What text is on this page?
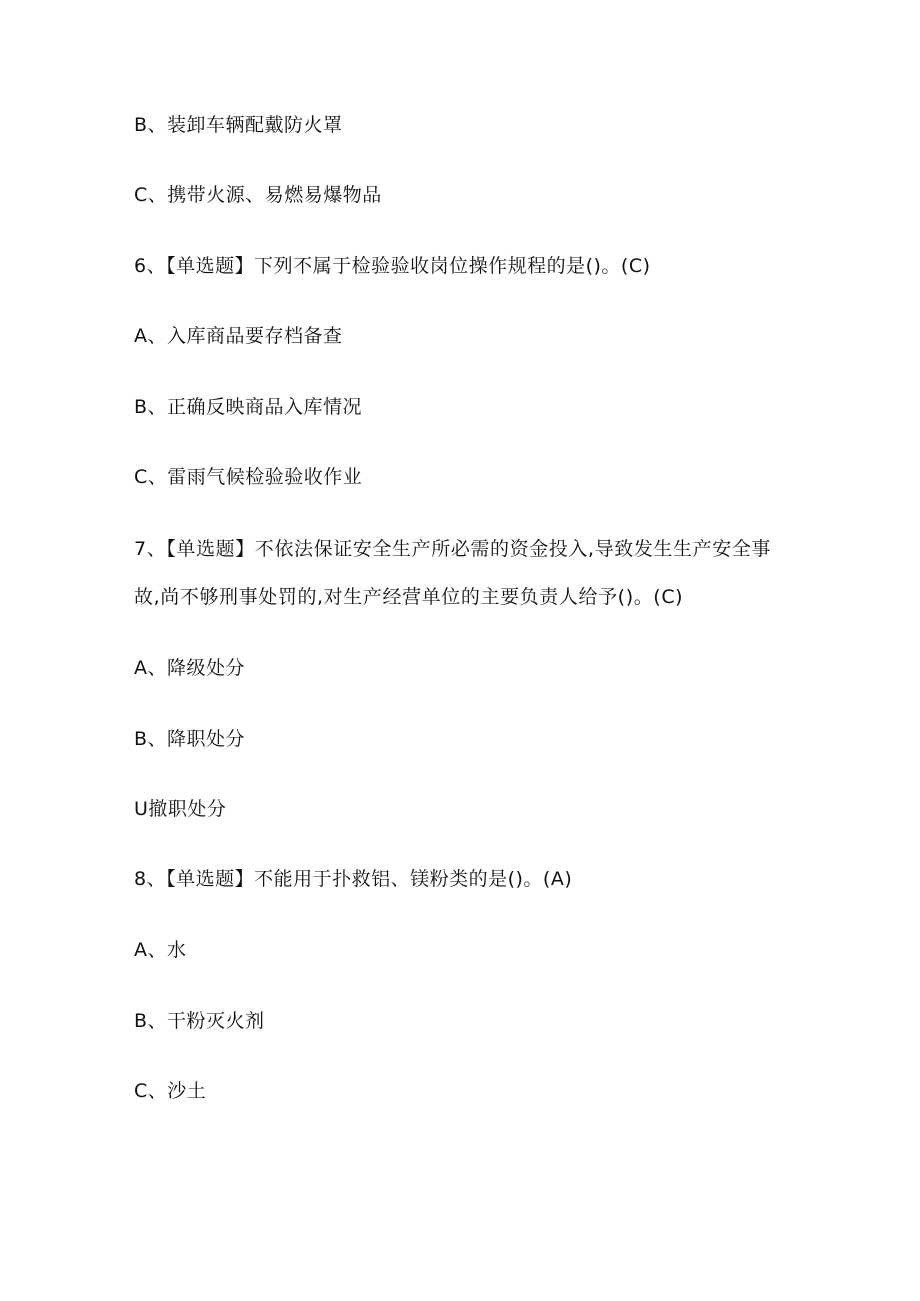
B、装卸车辆配戴防火罩
C、携带火源、易燃易爆物品
6、【单选题】下列不属于检验验收岗位操作规程的是()。(C)
A、入库商品要存档备查
B、正确反映商品入库情况
C、雷雨气候检验验收作业
7、【单选题】不依法保证安全生产所必需的资金投入,导致发生生产安全事故,尚不够刑事处罚的,对生产经营单位的主要负责人给予()。(C)
A、降级处分
B、降职处分
U撤职处分
8、【单选题】不能用于扑救铝、镁粉类的是()。(A)
A、水
B、干粉灭火剂
C、沙土
